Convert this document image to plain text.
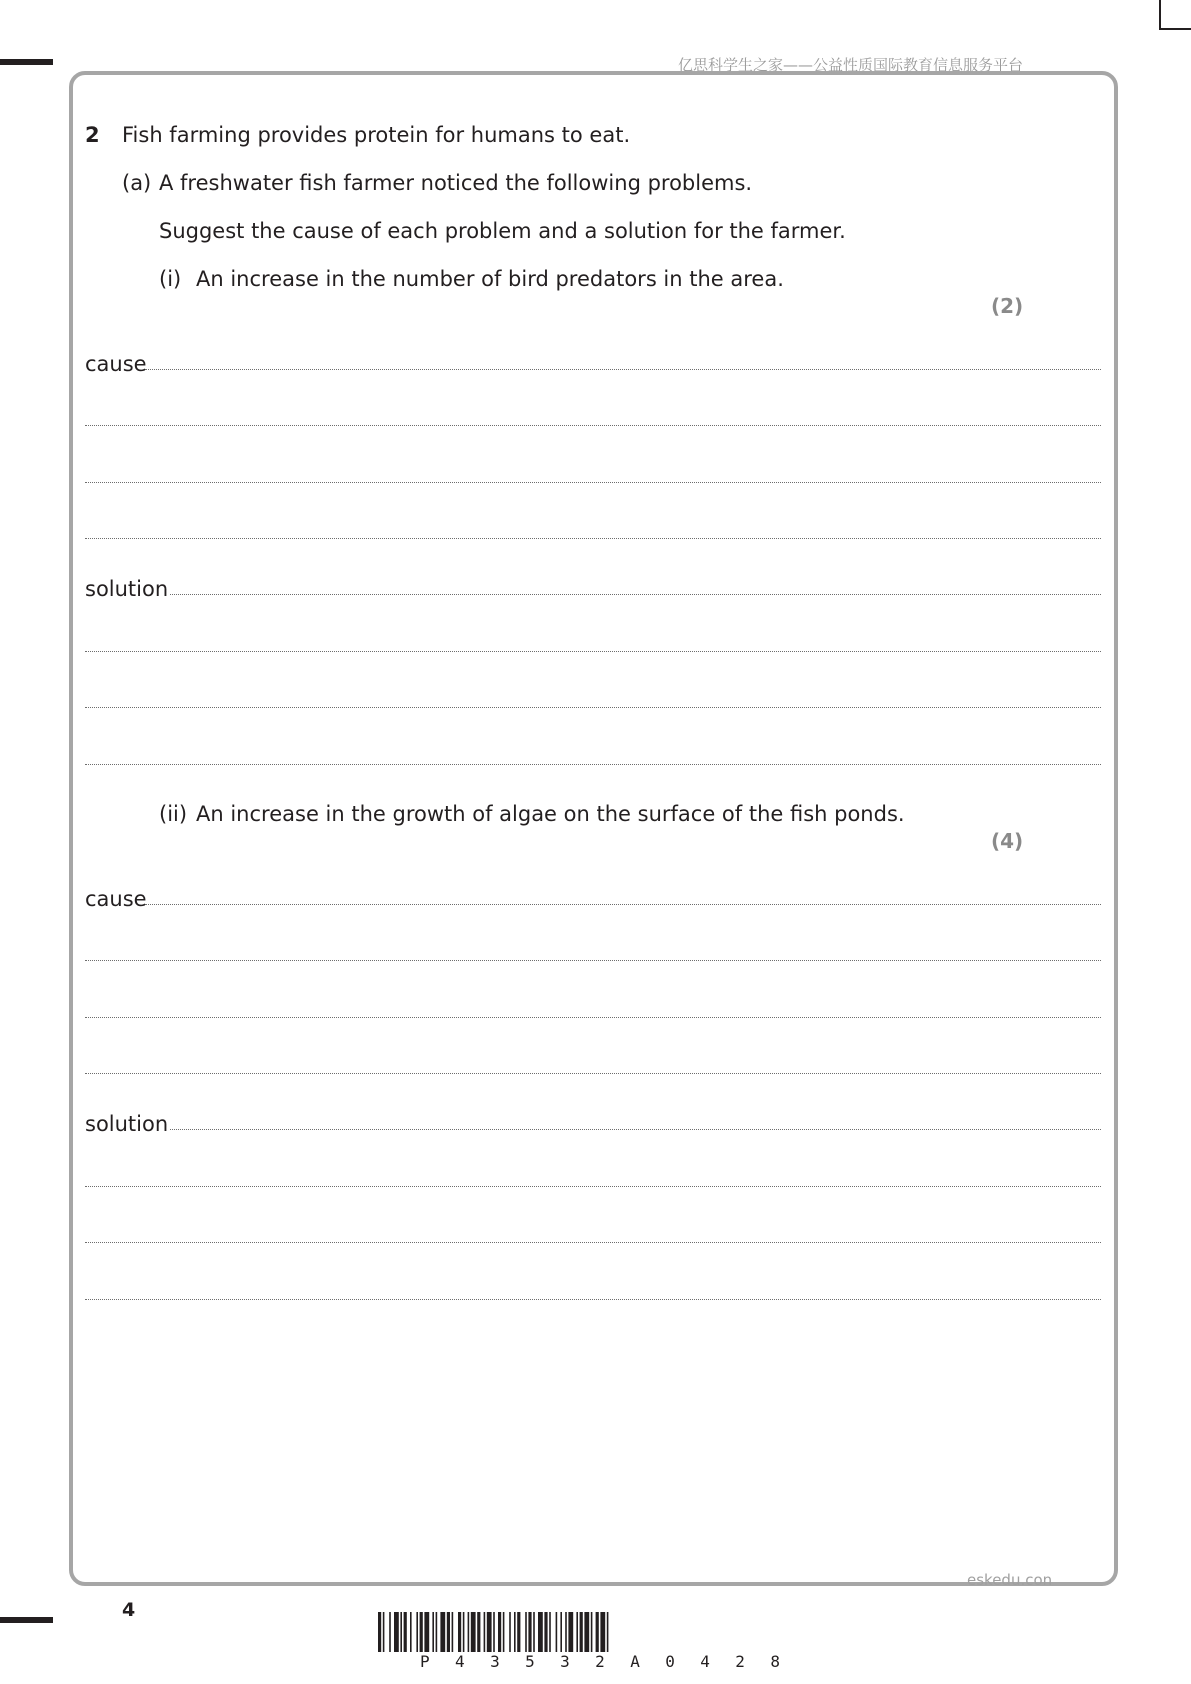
亿思科学生之家——公益性质国际教育信息服务平台
2 Fish farming provides protein for humans to eat.
(a) A freshwater fish farmer noticed the following problems.
Suggest the cause of each problem and a solution for the farmer.
(i) An increase in the number of bird predators in the area.
(2)
cause
solution
(ii) An increase in the growth of algae on the surface of the fish ponds.
(4)
cause
solution
eskedu.con
4
P 4 3 5 3 2 A 0 4 2 8
